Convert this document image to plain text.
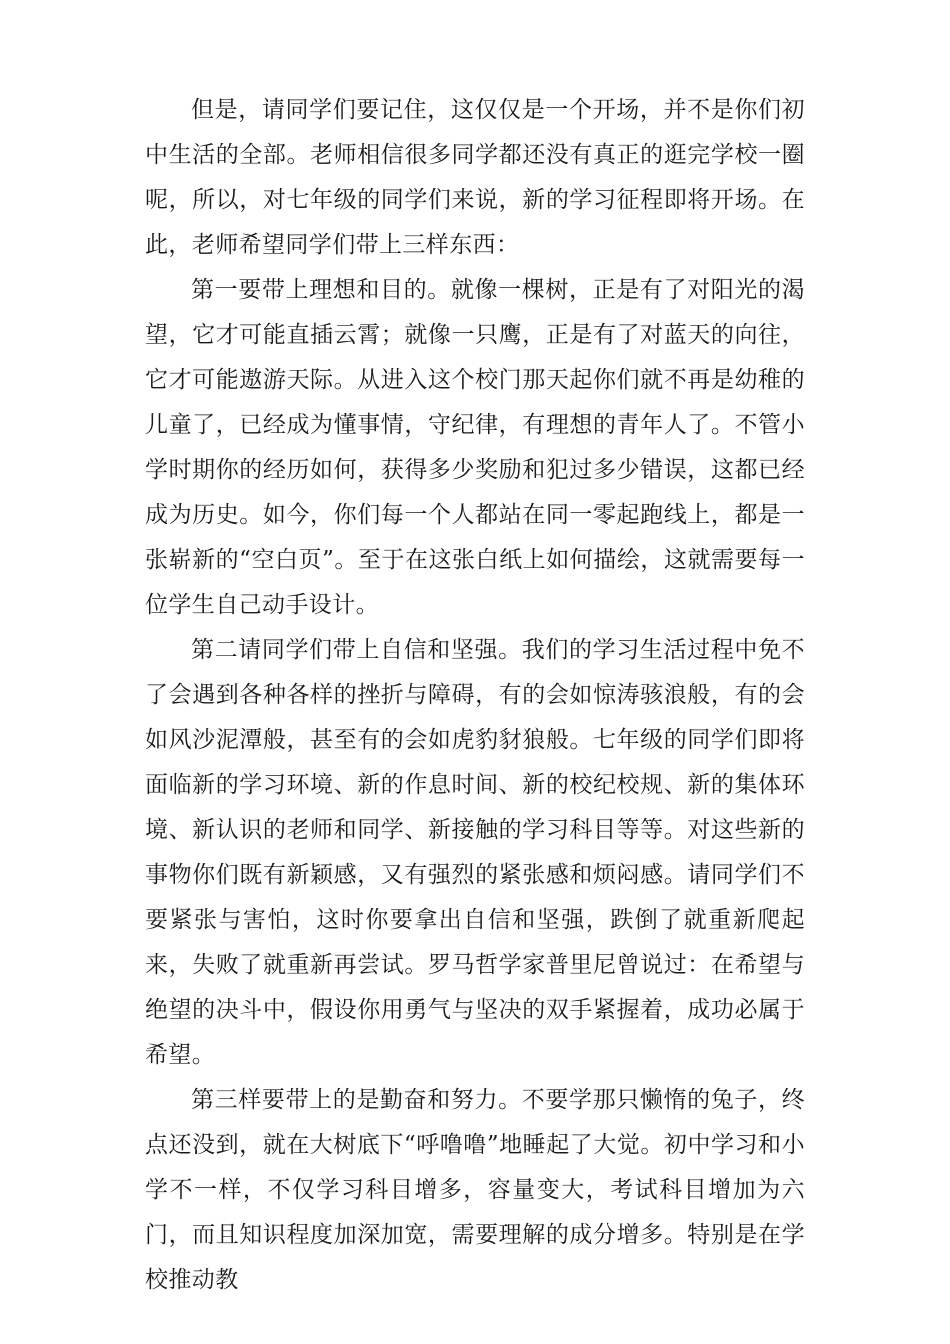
但是，请同学们要记住，这仅仅是一个开场，并不是你们初中生活的全部。老师相信很多同学都还没有真正的逛完学校一圈呢，所以，对七年级的同学们来说，新的学习征程即将开场。在此，老师希望同学们带上三样东西：

第一要带上理想和目的。就像一棵树，正是有了对阳光的渴望，它才可能直插云霄；就像一只鹰，正是有了对蓝天的向往，它才可能遨游天际。从进入这个校门那天起你们就不再是幼稚的儿童了，已经成为懂事情，守纪律，有理想的青年人了。不管小学时期你的经历如何，获得多少奖励和犯过多少错误，这都已经成为历史。如今，你们每一个人都站在同一零起跑线上，都是一张崭新的“空白页”。至于在这张白纸上如何描绘，这就需要每一位学生自己动手设计。

第二请同学们带上自信和坚强。我们的学习生活过程中免不了会遇到各种各样的挫折与障碍，有的会如惊涛骇浪般，有的会如风沙泥潭般，甚至有的会如虎豹豺狼般。七年级的同学们即将面临新的学习环境、新的作息时间、新的校纪校规、新的集体环境、新认识的老师和同学、新接触的学习科目等等。对这些新的事物你们既有新颖感，又有强烈的紧张感和烦闷感。请同学们不要紧张与害怕，这时你要拿出自信和坚强，跌倒了就重新爬起来，失败了就重新再尝试。罗马哲学家普里尼曾说过：在希望与绝望的决斗中，假设你用勇气与坚决的双手紧握着，成功必属于希望。

第三样要带上的是勤奋和努力。不要学那只懒惰的兔子，终点还没到，就在大树底下“呼噜噜”地睡起了大觉。初中学习和小学不一样，不仅学习科目增多，容量变大，考试科目增加为六门，而且知识程度加深加宽，需要理解的成分增多。特别是在学校推动教
